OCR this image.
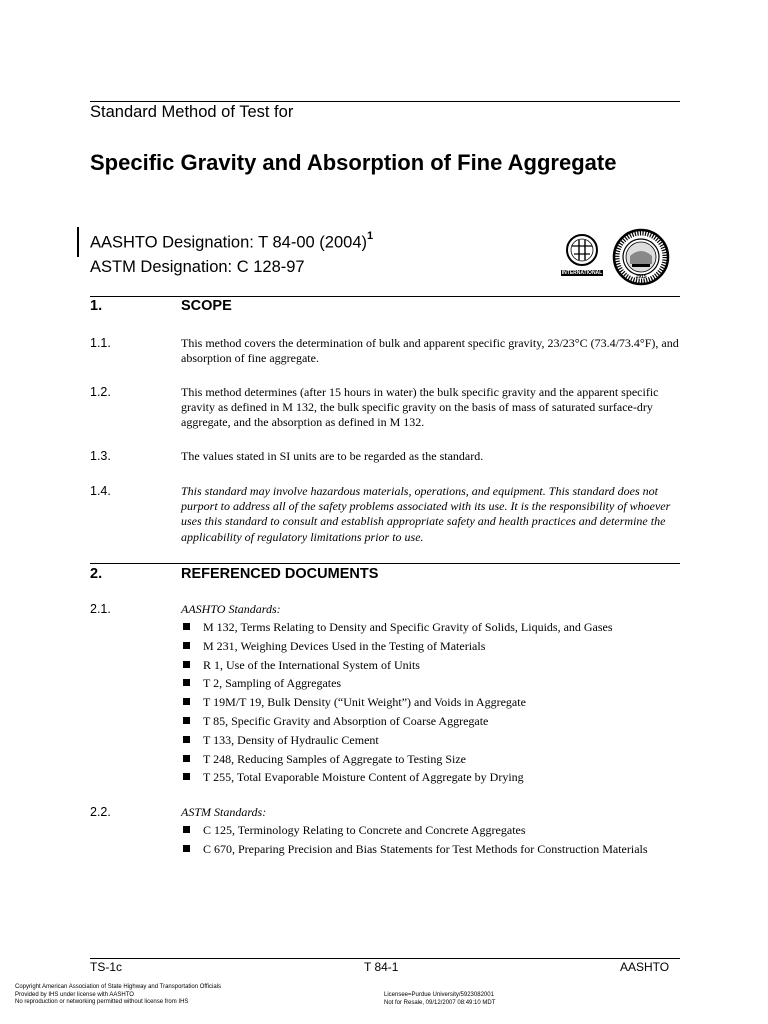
Standard Method of Test for
Specific Gravity and Absorption of Fine Aggregate
AASHTO Designation: T 84-00 $(2004)^1$
ASTM Designation: C 128-97	INTERNATIONAL
1915
1.	SCOPE
1.1.	This method covers the determination of bulk and apparent specific gravity, 23/23°C (73.4/73.4°F), and absorption of fine aggregate.
1.2.	This method determines (after 15 hours in water) the bulk specific gravity and the apparent specific gravity as defined in M 132, the bulk specific gravity on the basis of mass of saturated surface-dry aggregate, and the absorption as defined in M 132.
1.3.	The values stated in SI units are to be regarded as the standard.
1.4.	This standard may involve hazardous materials, operations, and equipment. This standard does not purport to address all of the safety problems associated with its use. It is the responsibility of whoever uses this standard to consult and establish appropriate safety and health practices and determine the applicability of regulatory limitations prior to use.
2.	REFERENCED DOCUMENTS
2.1.	AASHTO Standards:
M 132, Terms Relating to Density and Specific Gravity of Solids, Liquids, and Gases
M 231, Weighing Devices Used in the Testing of Materials
R 1, Use of the International System of Units
T 2, Sampling of Aggregates
T 19M/T 19, Bulk Density (“Unit Weight”) and Voids in Aggregate
T 85, Specific Gravity and Absorption of Coarse Aggregate
T 133, Density of Hydraulic Cement
T 248, Reducing Samples of Aggregate to Testing Size
T 255, Total Evaporable Moisture Content of Aggregate by Drying
2.2.	ASTM Standards:
C 125, Terminology Relating to Concrete and Concrete Aggregates
C 670, Preparing Precision and Bias Statements for Test Methods for Construction Materials
TS-1c	T 84-1	AASHTO
Copyright American Association of State Highway and Transportation Officials
Provided by IHS under license with AASHTO
No reproduction or networking permitted without license from IHS
Licensee=Purdue University/5923082001
Not for Resale, 09/12/2007 08:49:10 MDT
